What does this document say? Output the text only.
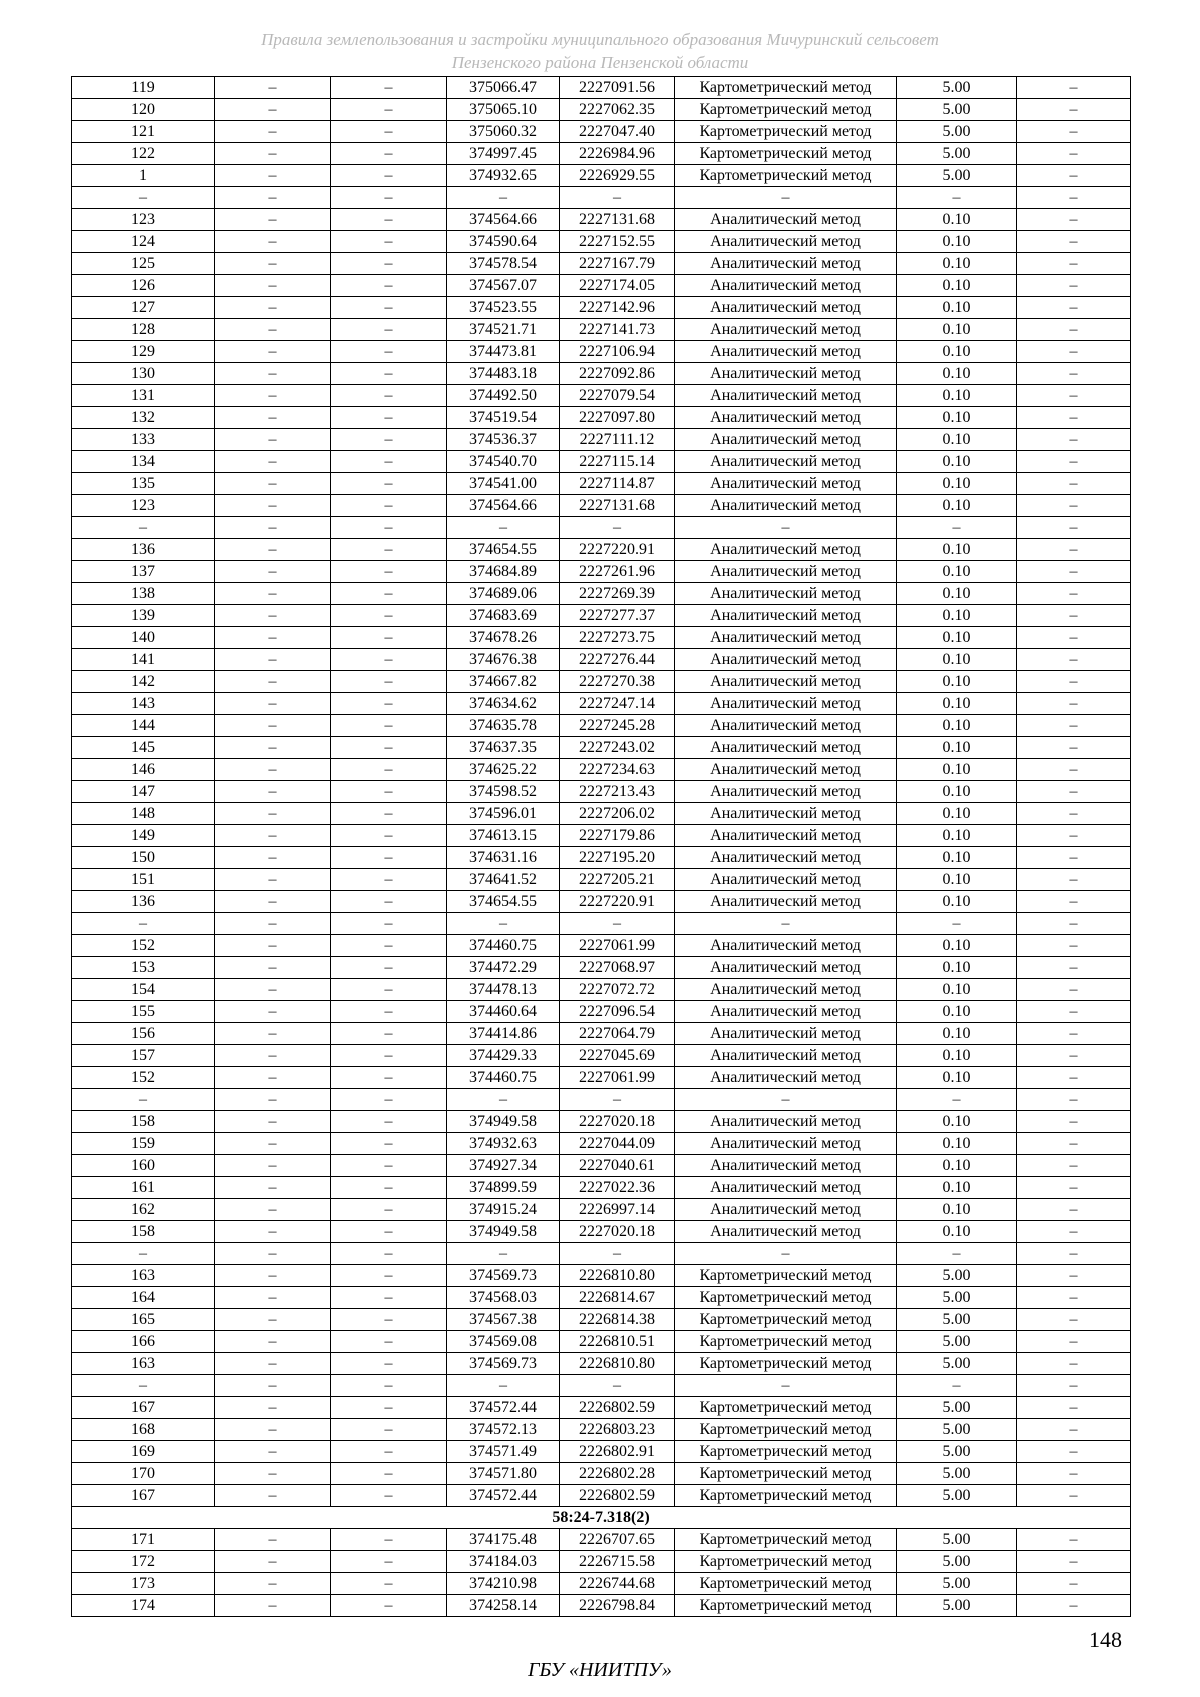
Правила землепользования и застройки муниципального образования Мичуринский сельсовет
Пензенского района Пензенской области
119	–	–	375066.47	2227091.56	Картометрический метод	5.00	–
120	–	–	375065.10	2227062.35	Картометрический метод	5.00	–
121	–	–	375060.32	2227047.40	Картометрический метод	5.00	–
122	–	–	374997.45	2226984.96	Картометрический метод	5.00	–
1	–	–	374932.65	2226929.55	Картометрический метод	5.00	–
–	–	–	–	–	–	–	–
123	–	–	374564.66	2227131.68	Аналитический метод	0.10	–
124	–	–	374590.64	2227152.55	Аналитический метод	0.10	–
125	–	–	374578.54	2227167.79	Аналитический метод	0.10	–
126	–	–	374567.07	2227174.05	Аналитический метод	0.10	–
127	–	–	374523.55	2227142.96	Аналитический метод	0.10	–
128	–	–	374521.71	2227141.73	Аналитический метод	0.10	–
129	–	–	374473.81	2227106.94	Аналитический метод	0.10	–
130	–	–	374483.18	2227092.86	Аналитический метод	0.10	–
131	–	–	374492.50	2227079.54	Аналитический метод	0.10	–
132	–	–	374519.54	2227097.80	Аналитический метод	0.10	–
133	–	–	374536.37	2227111.12	Аналитический метод	0.10	–
134	–	–	374540.70	2227115.14	Аналитический метод	0.10	–
135	–	–	374541.00	2227114.87	Аналитический метод	0.10	–
123	–	–	374564.66	2227131.68	Аналитический метод	0.10	–
–	–	–	–	–	–	–	–
136	–	–	374654.55	2227220.91	Аналитический метод	0.10	–
137	–	–	374684.89	2227261.96	Аналитический метод	0.10	–
138	–	–	374689.06	2227269.39	Аналитический метод	0.10	–
139	–	–	374683.69	2227277.37	Аналитический метод	0.10	–
140	–	–	374678.26	2227273.75	Аналитический метод	0.10	–
141	–	–	374676.38	2227276.44	Аналитический метод	0.10	–
142	–	–	374667.82	2227270.38	Аналитический метод	0.10	–
143	–	–	374634.62	2227247.14	Аналитический метод	0.10	–
144	–	–	374635.78	2227245.28	Аналитический метод	0.10	–
145	–	–	374637.35	2227243.02	Аналитический метод	0.10	–
146	–	–	374625.22	2227234.63	Аналитический метод	0.10	–
147	–	–	374598.52	2227213.43	Аналитический метод	0.10	–
148	–	–	374596.01	2227206.02	Аналитический метод	0.10	–
149	–	–	374613.15	2227179.86	Аналитический метод	0.10	–
150	–	–	374631.16	2227195.20	Аналитический метод	0.10	–
151	–	–	374641.52	2227205.21	Аналитический метод	0.10	–
136	–	–	374654.55	2227220.91	Аналитический метод	0.10	–
–	–	–	–	–	–	–	–
152	–	–	374460.75	2227061.99	Аналитический метод	0.10	–
153	–	–	374472.29	2227068.97	Аналитический метод	0.10	–
154	–	–	374478.13	2227072.72	Аналитический метод	0.10	–
155	–	–	374460.64	2227096.54	Аналитический метод	0.10	–
156	–	–	374414.86	2227064.79	Аналитический метод	0.10	–
157	–	–	374429.33	2227045.69	Аналитический метод	0.10	–
152	–	–	374460.75	2227061.99	Аналитический метод	0.10	–
–	–	–	–	–	–	–	–
158	–	–	374949.58	2227020.18	Аналитический метод	0.10	–
159	–	–	374932.63	2227044.09	Аналитический метод	0.10	–
160	–	–	374927.34	2227040.61	Аналитический метод	0.10	–
161	–	–	374899.59	2227022.36	Аналитический метод	0.10	–
162	–	–	374915.24	2226997.14	Аналитический метод	0.10	–
158	–	–	374949.58	2227020.18	Аналитический метод	0.10	–
–	–	–	–	–	–	–	–
163	–	–	374569.73	2226810.80	Картометрический метод	5.00	–
164	–	–	374568.03	2226814.67	Картометрический метод	5.00	–
165	–	–	374567.38	2226814.38	Картометрический метод	5.00	–
166	–	–	374569.08	2226810.51	Картометрический метод	5.00	–
163	–	–	374569.73	2226810.80	Картометрический метод	5.00	–
–	–	–	–	–	–	–	–
167	–	–	374572.44	2226802.59	Картометрический метод	5.00	–
168	–	–	374572.13	2226803.23	Картометрический метод	5.00	–
169	–	–	374571.49	2226802.91	Картометрический метод	5.00	–
170	–	–	374571.80	2226802.28	Картометрический метод	5.00	–
167	–	–	374572.44	2226802.59	Картометрический метод	5.00	–
58:24-7.318(2)							
171	–	–	374175.48	2226707.65	Картометрический метод	5.00	–
172	–	–	374184.03	2226715.58	Картометрический метод	5.00	–
173	–	–	374210.98	2226744.68	Картометрический метод	5.00	–
174	–	–	374258.14	2226798.84	Картометрический метод	5.00	–
148
ГБУ «НИИТПУ»
